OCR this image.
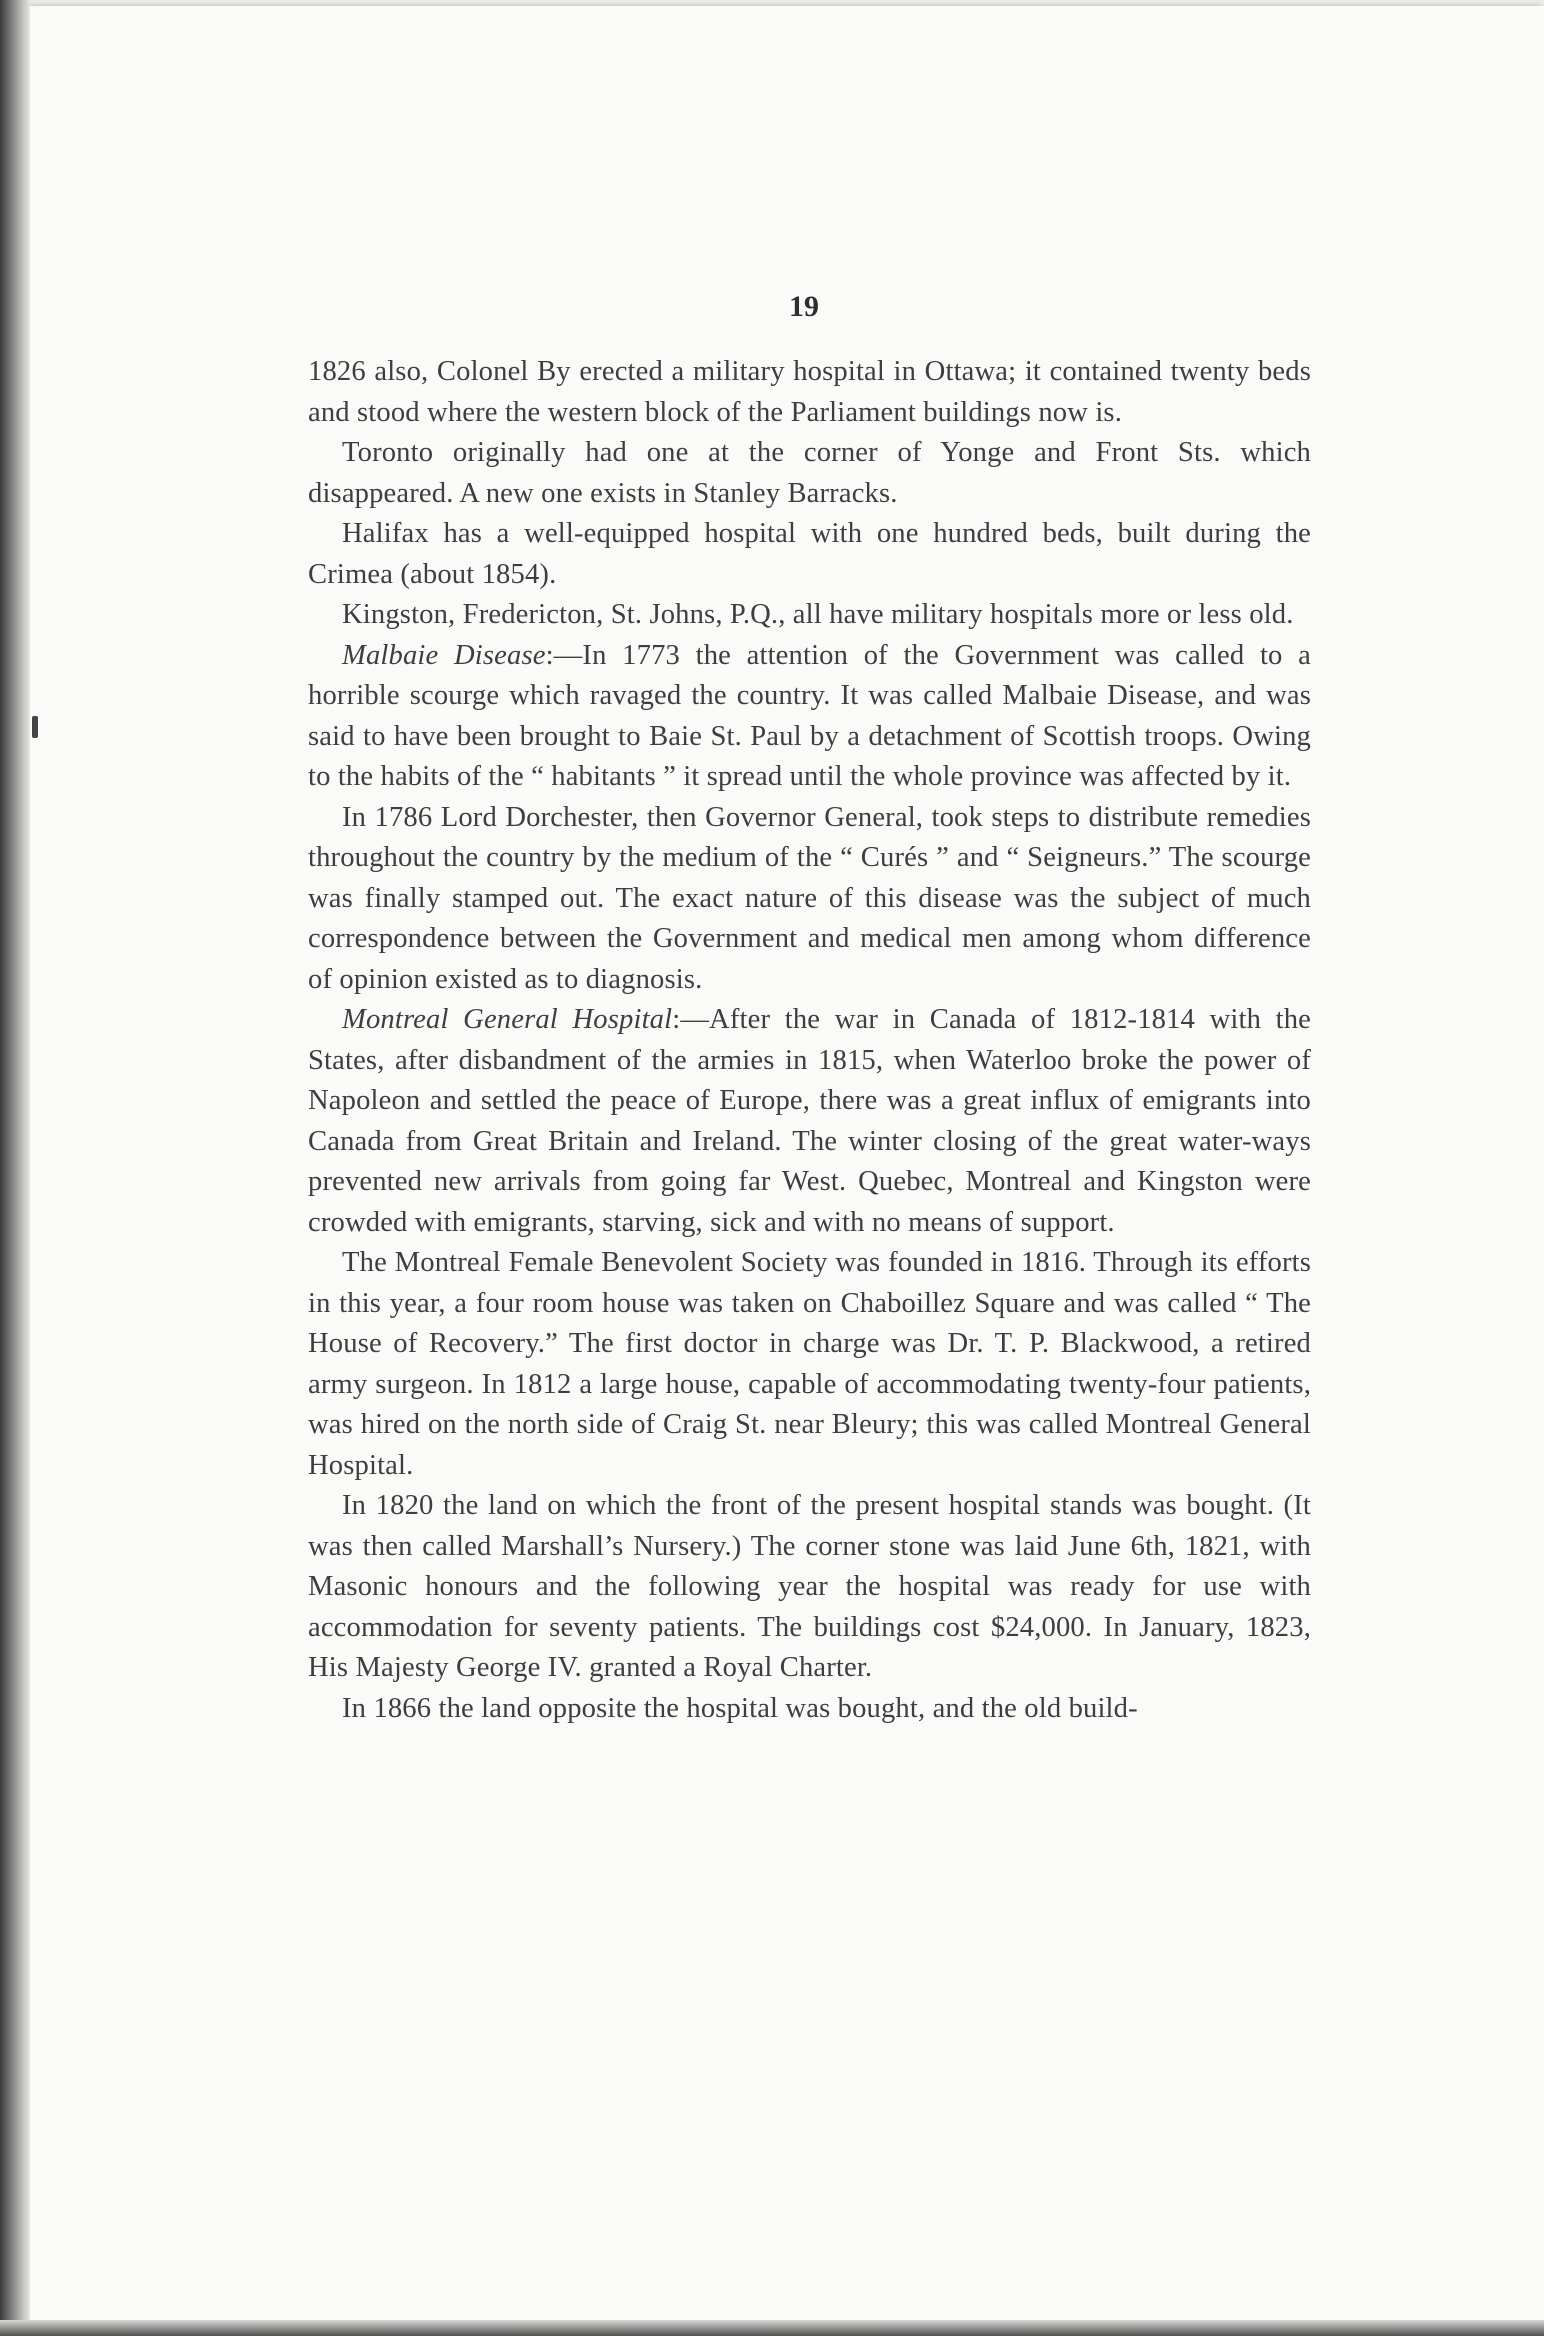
19

1826 also, Colonel By erected a military hospital in Ottawa; it contained twenty beds and stood where the western block of the Parliament buildings now is.

Toronto originally had one at the corner of Yonge and Front Sts. which disappeared. A new one exists in Stanley Barracks.

Halifax has a well-equipped hospital with one hundred beds, built during the Crimea (about 1854).

Kingston, Fredericton, St. Johns, P.Q., all have military hospitals more or less old.

Malbaie Disease:—In 1773 the attention of the Government was called to a horrible scourge which ravaged the country. It was called Malbaie Disease, and was said to have been brought to Baie St. Paul by a detachment of Scottish troops. Owing to the habits of the “ habitants ” it spread until the whole province was affected by it.

In 1786 Lord Dorchester, then Governor General, took steps to distribute remedies throughout the country by the medium of the “ Curés ” and “ Seigneurs.” The scourge was finally stamped out. The exact nature of this disease was the subject of much correspondence between the Government and medical men among whom difference of opinion existed as to diagnosis.

Montreal General Hospital:—After the war in Canada of 1812-1814 with the States, after disbandment of the armies in 1815, when Waterloo broke the power of Napoleon and settled the peace of Europe, there was a great influx of emigrants into Canada from Great Britain and Ireland. The winter closing of the great water-ways prevented new arrivals from going far West. Quebec, Montreal and Kingston were crowded with emigrants, starving, sick and with no means of support.

The Montreal Female Benevolent Society was founded in 1816. Through its efforts in this year, a four room house was taken on Chaboillez Square and was called “ The House of Recovery.” The first doctor in charge was Dr. T. P. Blackwood, a retired army surgeon. In 1812 a large house, capable of accommodating twenty-four patients, was hired on the north side of Craig St. near Bleury; this was called Montreal General Hospital.

In 1820 the land on which the front of the present hospital stands was bought. (It was then called Marshall’s Nursery.) The corner stone was laid June 6th, 1821, with Masonic honours and the following year the hospital was ready for use with accommodation for seventy patients. The buildings cost $24,000. In January, 1823, His Majesty George IV. granted a Royal Charter.

In 1866 the land opposite the hospital was bought, and the old build-
